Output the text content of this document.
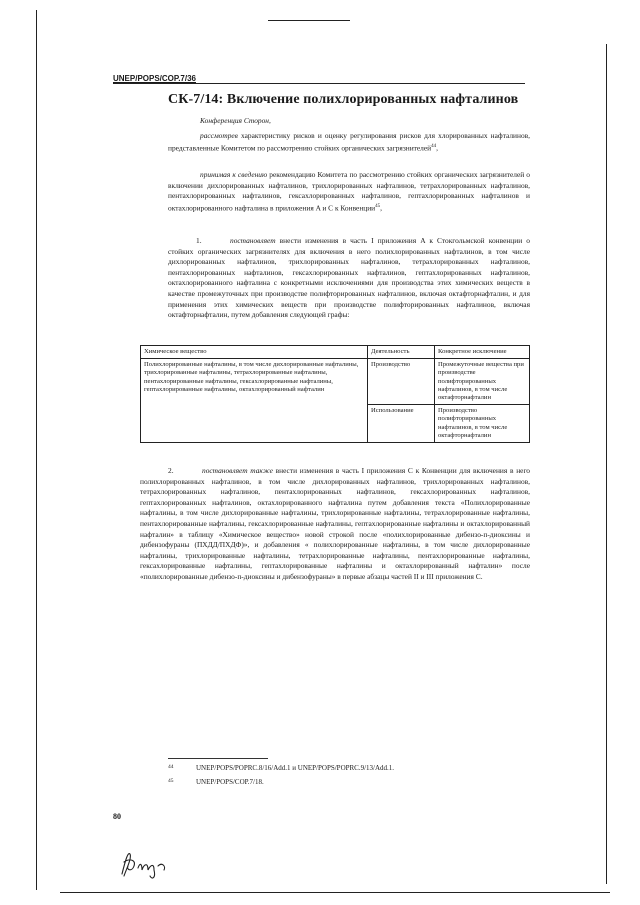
UNEP/POPS/COP.7/36
СК-7/14: Включение полихлорированных нафталинов
Конференция Сторон,
рассмотрев характеристику рисков и оценку регулирования рисков для хлорированных нафталинов, представленные Комитетом по рассмотрению стойких органических загрязнителей$^{44}$,
принимая к сведению рекомендацию Комитета по рассмотрению стойких органических загрязнителей о включении дихлорированных нафталинов, трихлорированных нафталинов, тетрахлорированных нафталинов, пентахлорированных нафталинов, гексахлорированных нафталинов, гептахлорированных нафталинов и октахлорированного нафталина в приложения A и C к Конвенции$^{45}$,
1.	постановляет внести изменения в часть I приложения A к Стокгольмской конвенции о стойких органических загрязнителях для включения в него полихлорированных нафталинов, в том числе дихлорированных нафталинов, трихлорированных нафталинов, тетрахлорированных нафталинов, пентахлорированных нафталинов, гексахлорированных нафталинов, гептахлорированных нафталинов, октахлорированного нафталина с конкретными исключениями для производства этих химических веществ в качестве промежуточных при производстве полифторированных нафталинов, включая октафторнафталин, и для применения этих химических веществ при производстве полифторированных нафталинов, включая октафторнафталин, путем добавления следующей графы:
Химическое вещество	Деятельность	Конкретное исключение
Полихлорированные нафталины, в том числе дихлорированные нафталины, трихлорированные нафталины, тетрахлорированные нафталины, пентахлорированные нафталины, гексахлорированные нафталины, гептахлорированные нафталины, октахлорированный нафталин	Производство	Промежуточные вещества при производстве полифторированных нафталинов, в том числе октафторнафталин
	Использование	Производство полифторированных нафталинов, в том числе октафторнафталин
2.	постановляет также внести изменения в часть I приложения C к Конвенции для включения в него полихлорированных нафталинов, в том числе дихлорированных нафталинов, трихлорированных нафталинов, тетрахлорированных нафталинов, пентахлорированных нафталинов, гексахлорированных нафталинов, гептахлорированных нафталинов, октахлорированного нафталина путем добавления текста «Полихлорированные нафталины, в том числе дихлорированные нафталины, трихлорированные нафталины, тетрахлорированные нафталины, пентахлорированные нафталины, гексахлорированные нафталины, гептахлорированные нафталины и октахлорированный нафталин» в таблицу «Химическое вещество» новой строкой после «полихлорированные дибензо-п-диоксины и дибензофураны (ПХДД/ПХДФ)», и добавления « полихлорированные нафталины, в том числе дихлорированные нафталины, трихлорированные нафталины, тетрахлорированные нафталины, пентахлорированные нафталины, гексахлорированные нафталины, гептахлорированные нафталины и октахлорированный нафталин» после «полихлорированные дибензо-п-диоксины и дибензофураны» в первые абзацы частей II и III приложения C.
44	UNEP/POPS/POPRC.8/16/Add.1 и UNEP/POPS/POPRC.9/13/Add.1.
45	UNEP/POPS/COP.7/18.
80
